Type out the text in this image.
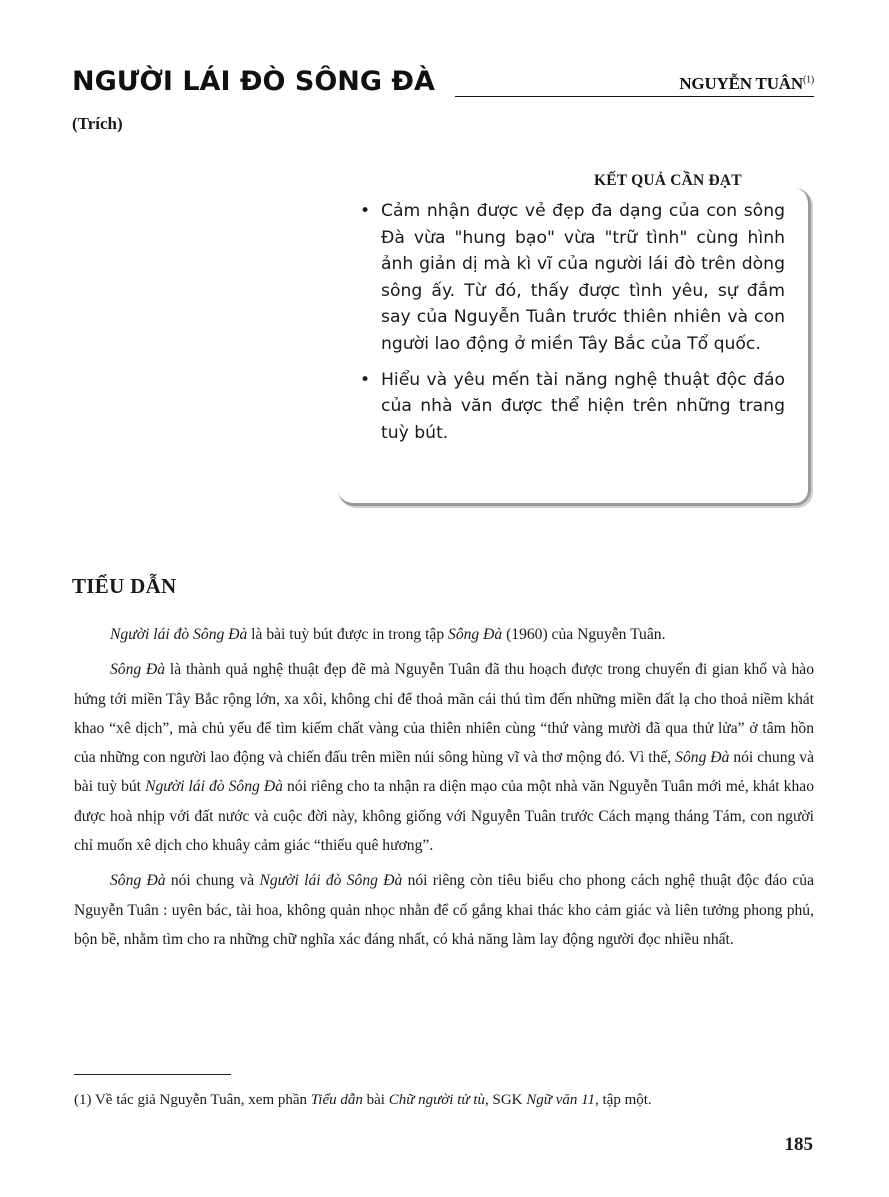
NGƯỜI LÁI ĐÒ SÔNG ĐÀ	NGUYỄN TUÂN$^{(1)}$
(Trích)
KẾT QUẢ CẦN ĐẠT
• Cảm nhận được vẻ đẹp đa dạng của con sông Đà vừa "hung bạo" vừa "trữ tình" cùng hình ảnh giản dị mà kì vĩ của người lái đò trên dòng sông ấy. Từ đó, thấy được tình yêu, sự đắm say của Nguyễn Tuân trước thiên nhiên và con người lao động ở miền Tây Bắc của Tổ quốc.
• Hiểu và yêu mến tài năng nghệ thuật độc đáo của nhà văn được thể hiện trên những trang tuỳ bút.
TIỂU DẪN

Người lái đò Sông Đà là bài tuỳ bút được in trong tập Sông Đà (1960) của Nguyễn Tuân.

Sông Đà là thành quả nghệ thuật đẹp đẽ mà Nguyễn Tuân đã thu hoạch được trong chuyến đi gian khổ và hào hứng tới miền Tây Bắc rộng lớn, xa xôi, không chỉ để thoả mãn cái thú tìm đến những miền đất lạ cho thoả niềm khát khao “xê dịch”, mà chủ yếu để tìm kiếm chất vàng của thiên nhiên cùng “thứ vàng mười đã qua thử lửa” ở tâm hồn của những con người lao động và chiến đấu trên miền núi sông hùng vĩ và thơ mộng đó. Vì thế, Sông Đà nói chung và bài tuỳ bút Người lái đò Sông Đà nói riêng cho ta nhận ra diện mạo của một nhà văn Nguyễn Tuân mới mẻ, khát khao được hoà nhịp với đất nước và cuộc đời này, không giống với Nguyễn Tuân trước Cách mạng tháng Tám, con người chỉ muốn xê dịch cho khuây cảm giác “thiếu quê hương”.

Sông Đà nói chung và Người lái đò Sông Đà nói riêng còn tiêu biểu cho phong cách nghệ thuật độc đáo của Nguyễn Tuân : uyên bác, tài hoa, không quản nhọc nhằn để cố gắng khai thác kho cảm giác và liên tưởng phong phú, bộn bề, nhằm tìm cho ra những chữ nghĩa xác đáng nhất, có khả năng làm lay động người đọc nhiều nhất.

(1) Về tác giả Nguyễn Tuân, xem phần Tiểu dẫn bài Chữ người tử tù, SGK Ngữ văn 11, tập một.
185
